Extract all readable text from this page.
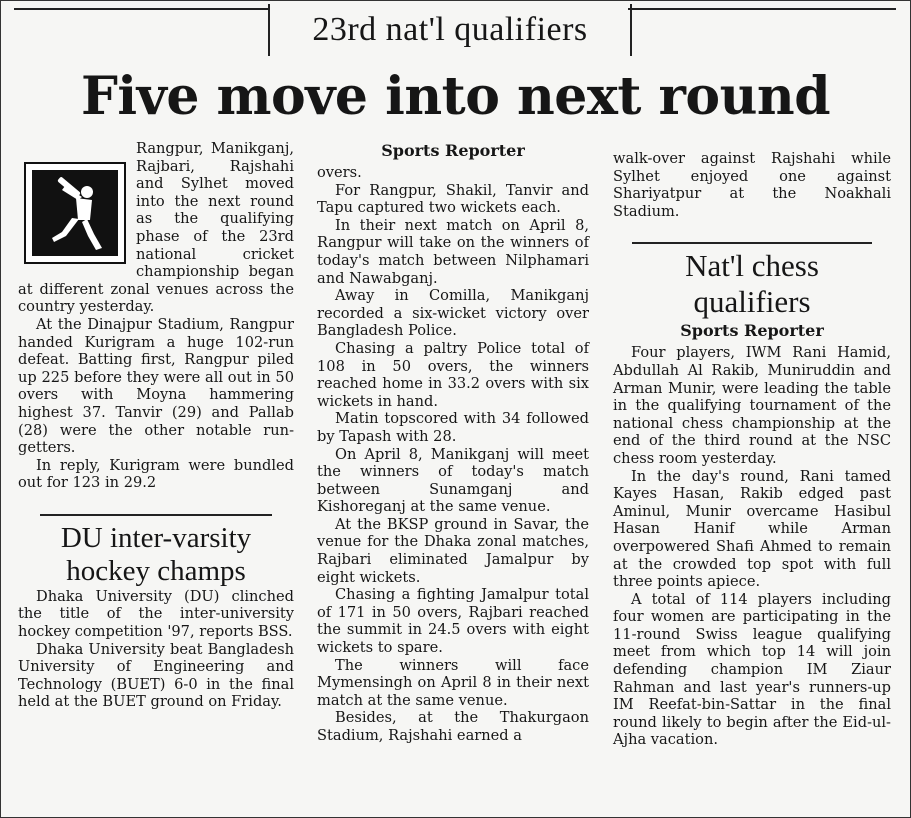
23rd nat'l qualifiers
Five move into next round

Rangpur, Manikganj, Rajbari, Rajshahi and Sylhet moved into the next round as the qualifying phase of the 23rd national cricket championship began at different zonal venues across the country yesterday.

At the Dinajpur Stadium, Rangpur handed Kurigram a huge 102-run defeat. Batting first, Rangpur piled up 225 before they were all out in 50 overs with Moyna hammering highest 37. Tanvir (29) and Pallab (28) were the other notable run-getters.

In reply, Kurigram were bundled out for 123 in 29.2

DU inter-varsity
hockey champs

Dhaka University (DU) clinched the title of the inter-university hockey competition '97, reports BSS.

Dhaka University beat Bangladesh University of Engineering and Technology (BUET) 6-0 in the final held at the BUET ground on Friday.

Sports Reporter

overs.

For Rangpur, Shakil, Tanvir and Tapu captured two wickets each.

In their next match on April 8, Rangpur will take on the winners of today's match between Nilphamari and Nawabganj.

Away in Comilla, Manikganj recorded a six-wicket victory over Bangladesh Police.

Chasing a paltry Police total of 108 in 50 overs, the winners reached home in 33.2 overs with six wickets in hand.

Matin topscored with 34 followed by Tapash with 28.

On April 8, Manikganj will meet the winners of today's match between Sunamganj and Kishoreganj at the same venue.

At the BKSP ground in Savar, the venue for the Dhaka zonal matches, Rajbari eliminated Jamalpur by eight wickets.

Chasing a fighting Jamalpur total of 171 in 50 overs, Rajbari reached the summit in 24.5 overs with eight wickets to spare.

The winners will face Mymensingh on April 8 in their next match at the same venue.

Besides, at the Thakurgaon Stadium, Rajshahi earned a

walk-over against Rajshahi while Sylhet enjoyed one against Shariyatpur at the Noakhali Stadium.

Nat'l chess
qualifiers
Sports Reporter

Four players, IWM Rani Hamid, Abdullah Al Rakib, Muniruddin and Arman Munir, were leading the table in the qualifying tournament of the national chess championship at the end of the third round at the NSC chess room yesterday.

In the day's round, Rani tamed Kayes Hasan, Rakib edged past Aminul, Munir overcame Hasibul Hasan Hanif while Arman overpowered Shafi Ahmed to remain at the crowded top spot with full three points apiece.

A total of 114 players including four women are participating in the 11-round Swiss league qualifying meet from which top 14 will join defending champion IM Ziaur Rahman and last year's runners-up IM Reefat-bin-Sattar in the final round likely to begin after the Eid-ul-Ajha vacation.
